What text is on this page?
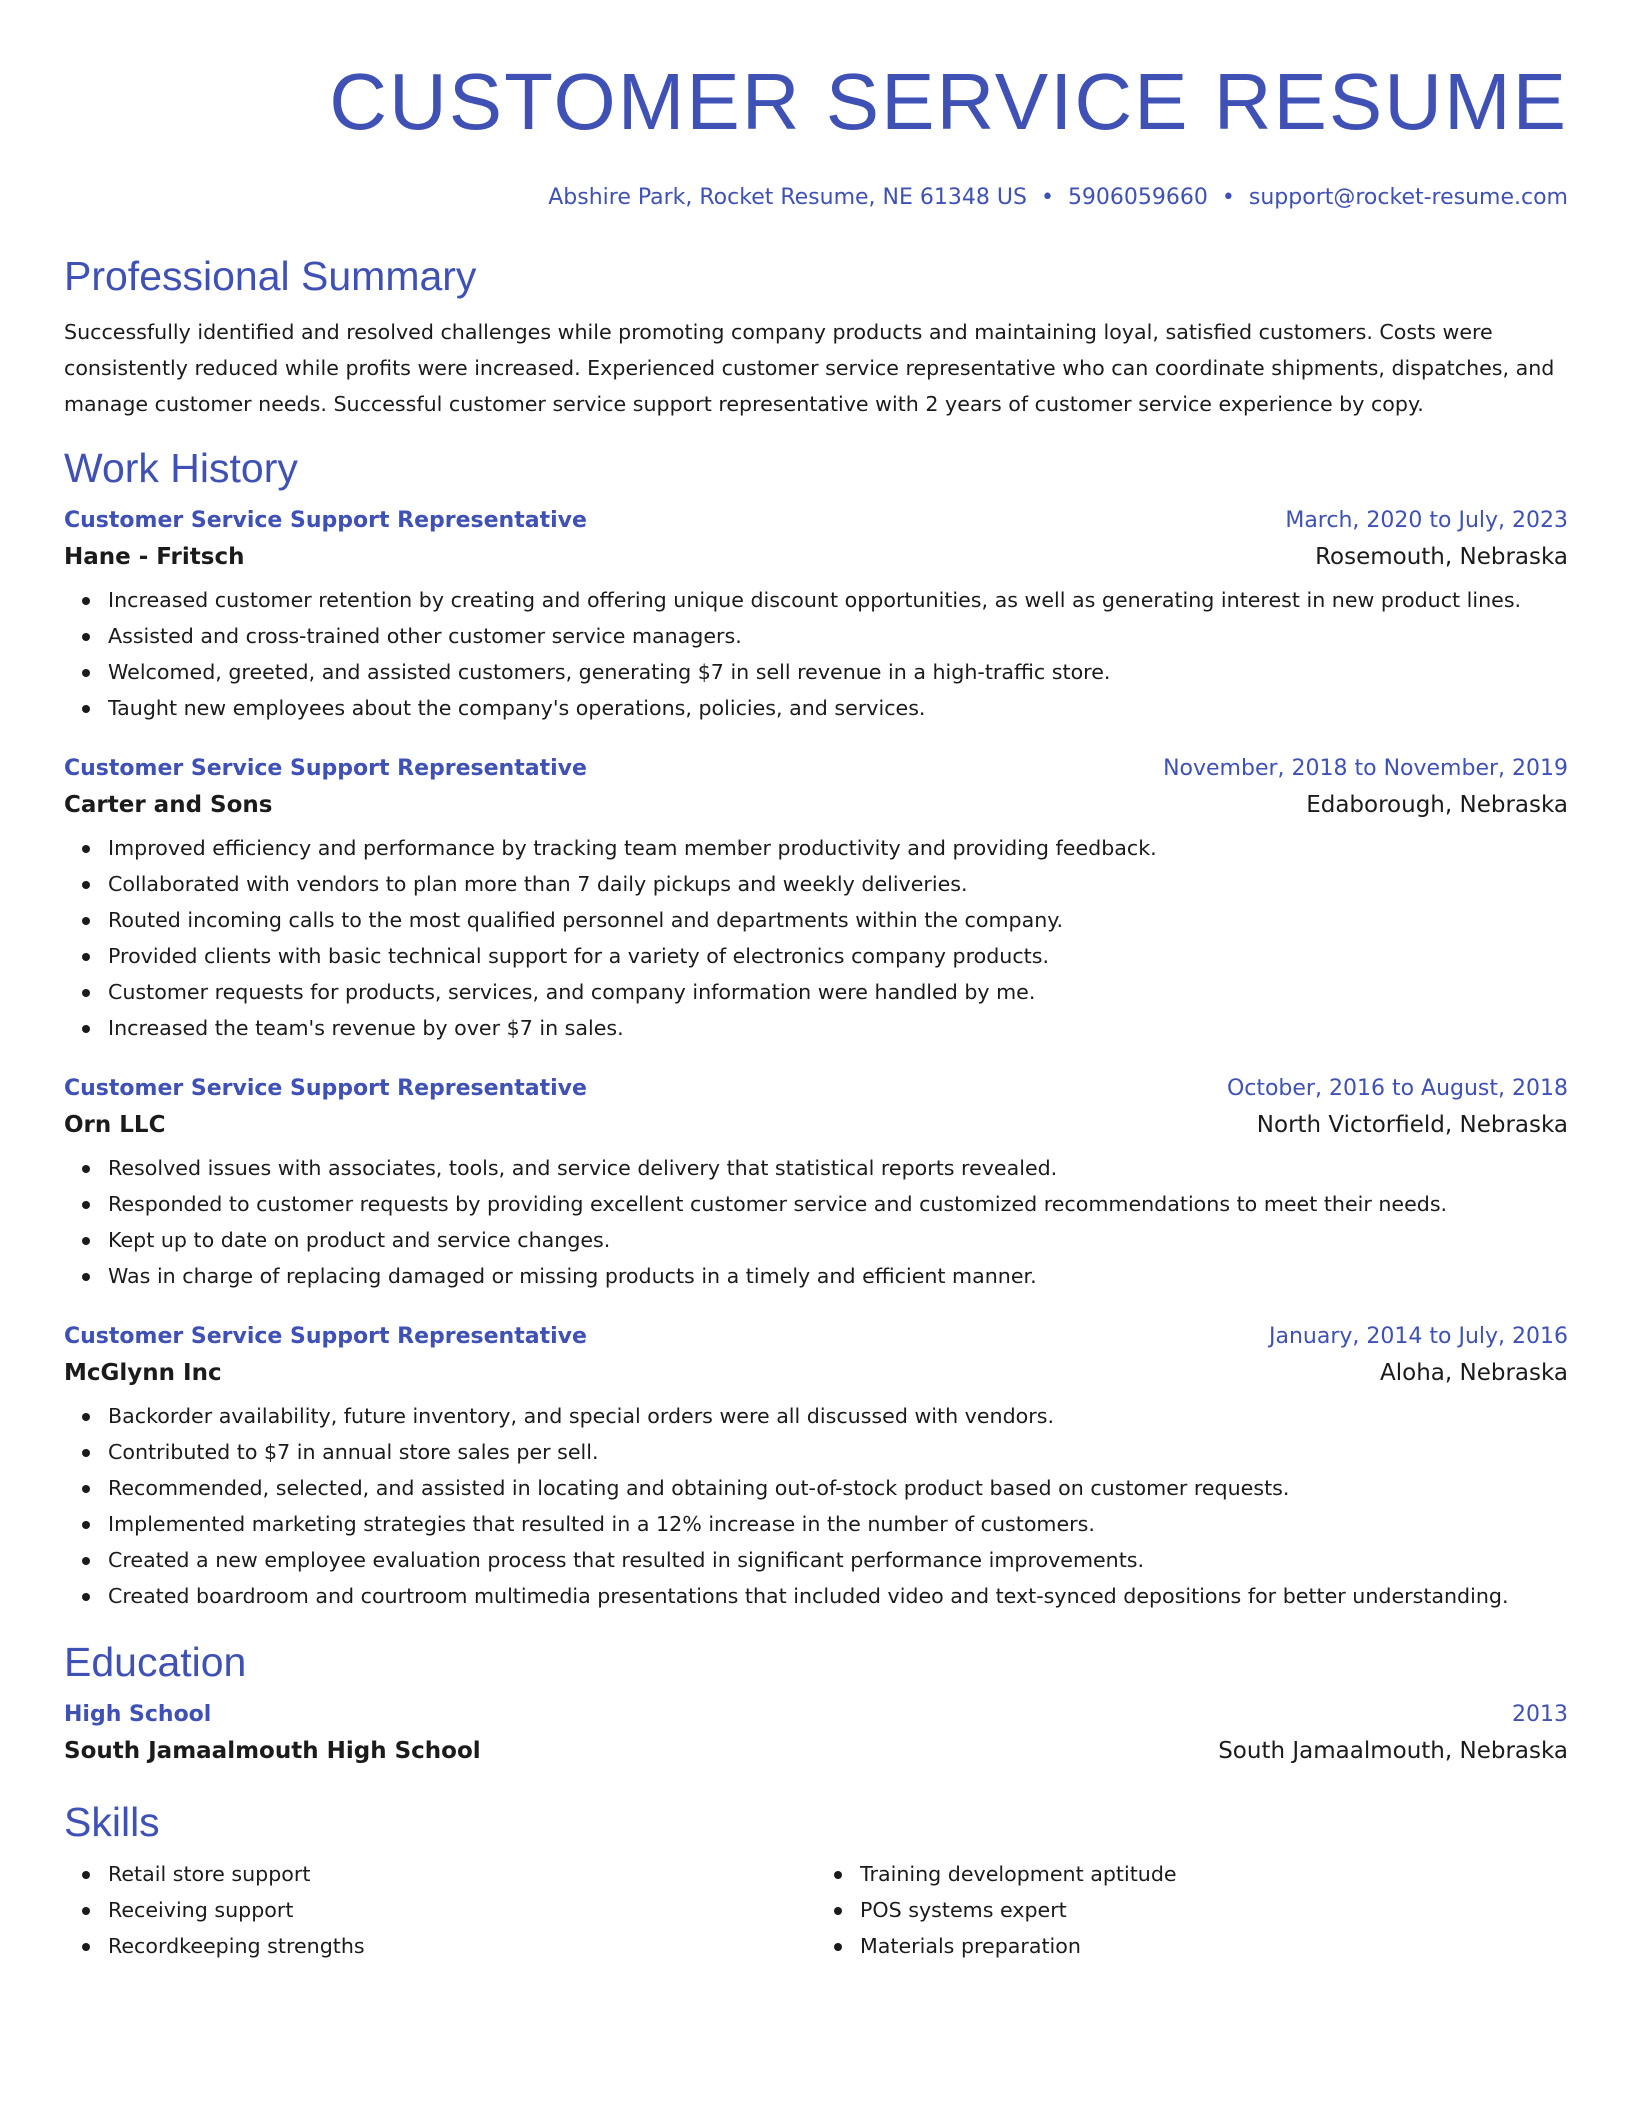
CUSTOMER SERVICE RESUME
Abshire Park, Rocket Resume, NE 61348 US • 5906059660 • support@rocket-resume.com
Professional Summary

Successfully identified and resolved challenges while promoting company products and maintaining loyal, satisfied customers. Costs were consistently reduced while profits were increased. Experienced customer service representative who can coordinate shipments, dispatches, and manage customer needs. Successful customer service support representative with 2 years of customer service experience by copy.

Work History
Customer Service Support Representative	March, 2020 to July, 2023
Hane - Fritsch	Rosemouth, Nebraska
Increased customer retention by creating and offering unique discount opportunities, as well as generating interest in new product lines.
Assisted and cross-trained other customer service managers.
Welcomed, greeted, and assisted customers, generating $7 in sell revenue in a high-traffic store.
Taught new employees about the company's operations, policies, and services.
Customer Service Support Representative	November, 2018 to November, 2019
Carter and Sons	Edaborough, Nebraska
Improved efficiency and performance by tracking team member productivity and providing feedback.
Collaborated with vendors to plan more than 7 daily pickups and weekly deliveries.
Routed incoming calls to the most qualified personnel and departments within the company.
Provided clients with basic technical support for a variety of electronics company products.
Customer requests for products, services, and company information were handled by me.
Increased the team's revenue by over $7 in sales.
Customer Service Support Representative	October, 2016 to August, 2018
Orn LLC	North Victorfield, Nebraska
Resolved issues with associates, tools, and service delivery that statistical reports revealed.
Responded to customer requests by providing excellent customer service and customized recommendations to meet their needs.
Kept up to date on product and service changes.
Was in charge of replacing damaged or missing products in a timely and efficient manner.
Customer Service Support Representative	January, 2014 to July, 2016
McGlynn Inc	Aloha, Nebraska
Backorder availability, future inventory, and special orders were all discussed with vendors.
Contributed to $7 in annual store sales per sell.
Recommended, selected, and assisted in locating and obtaining out-of-stock product based on customer requests.
Implemented marketing strategies that resulted in a 12% increase in the number of customers.
Created a new employee evaluation process that resulted in significant performance improvements.
Created boardroom and courtroom multimedia presentations that included video and text-synced depositions for better understanding.
Education
High School	2013
South Jamaalmouth High School	South Jamaalmouth, Nebraska
Skills
Retail store support
Receiving support
Recordkeeping strengths
Training development aptitude
POS systems expert
Materials preparation
